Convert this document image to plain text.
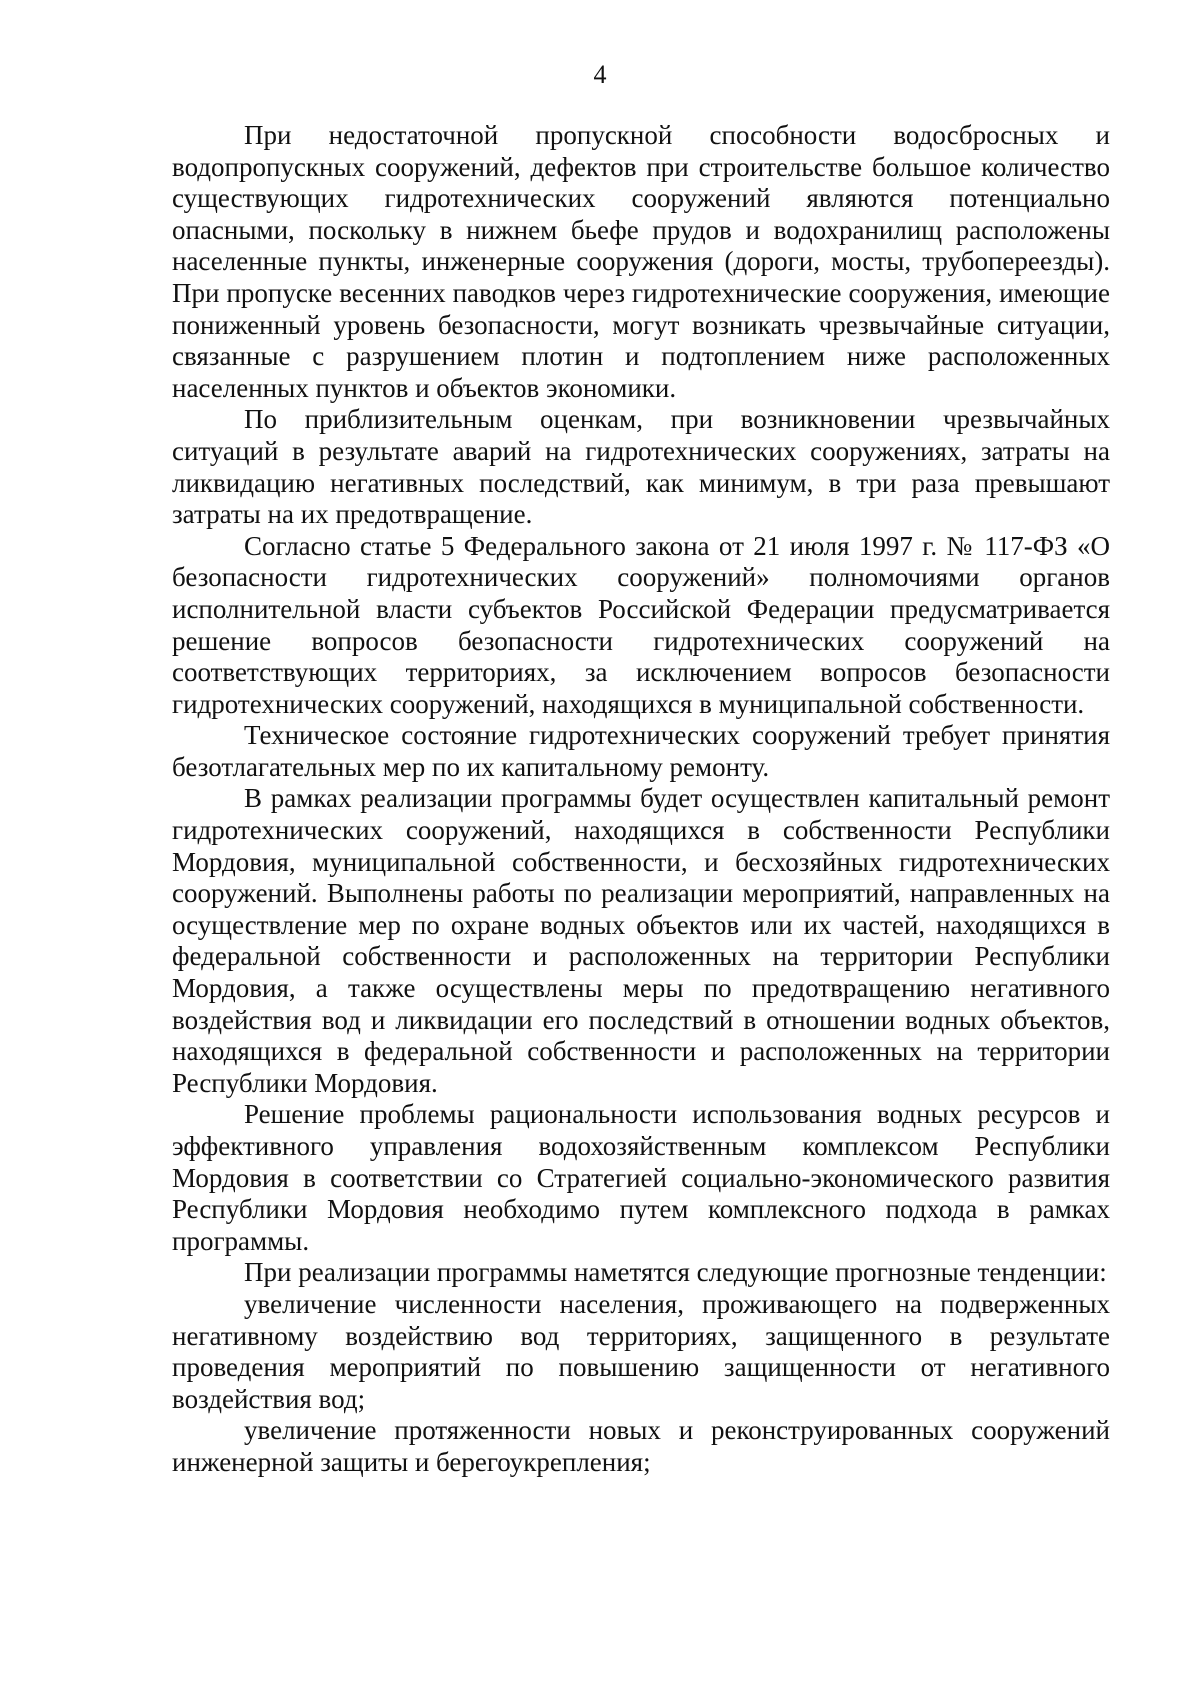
4

При недостаточной пропускной способности водосбросных и водопропускных сооружений, дефектов при строительстве большое количество существующих гидротехнических сооружений являются потенциально опасными, поскольку в нижнем бьефе прудов и водохранилищ расположены населенные пункты, инженерные сооружения (дороги, мосты, трубопереезды). При пропуске весенних паводков через гидротехнические сооружения, имеющие пониженный уровень безопасности, могут возникать чрезвычайные ситуации, связанные с разрушением плотин и подтоплением ниже расположенных населенных пунктов и объектов экономики.

По приблизительным оценкам, при возникновении чрезвычайных ситуаций в результате аварий на гидротехнических сооружениях, затраты на ликвидацию негативных последствий, как минимум, в три раза превышают затраты на их предотвращение.

Согласно статье 5 Федерального закона от 21 июля 1997 г. № 117-ФЗ «О безопасности гидротехнических сооружений» полномочиями органов исполнительной власти субъектов Российской Федерации предусматривается решение вопросов безопасности гидротехнических сооружений на соответствующих территориях, за исключением вопросов безопасности гидротехнических сооружений, находящихся в муниципальной собственности.

Техническое состояние гидротехнических сооружений требует принятия безотлагательных мер по их капитальному ремонту.

В рамках реализации программы будет осуществлен капитальный ремонт гидротехнических сооружений, находящихся в собственности Республики Мордовия, муниципальной собственности, и бесхозяйных гидротехнических сооружений. Выполнены работы по реализации мероприятий, направленных на осуществление мер по охране водных объектов или их частей, находящихся в федеральной собственности и расположенных на территории Республики Мордовия, а также осуществлены меры по предотвращению негативного воздействия вод и ликвидации его последствий в отношении водных объектов, находящихся в федеральной собственности и расположенных на территории Республики Мордовия.

Решение проблемы рациональности использования водных ресурсов и эффективного управления водохозяйственным комплексом Республики Мордовия в соответствии со Стратегией социально-экономического развития Республики Мордовия необходимо путем комплексного подхода в рамках программы.

При реализации программы наметятся следующие прогнозные тенденции:

увеличение численности населения, проживающего на подверженных негативному воздействию вод территориях, защищенного в результате проведения мероприятий по повышению защищенности от негативного воздействия вод;

увеличение протяженности новых и реконструированных сооружений инженерной защиты и берегоукрепления;
